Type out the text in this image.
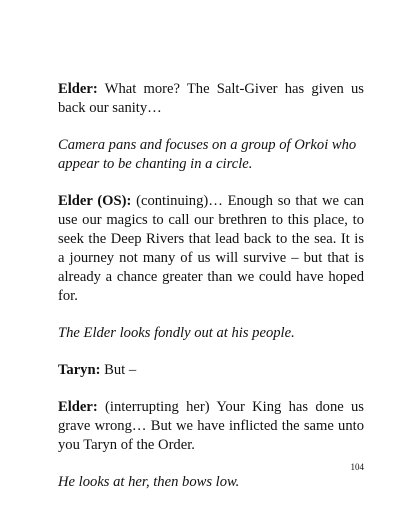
Elder: What more? The Salt-Giver has given us back our sanity…

Camera pans and focuses on a group of Orkoi who appear to be chanting in a circle.

Elder (OS): (continuing)… Enough so that we can use our magics to call our brethren to this place, to seek the Deep Rivers that lead back to the sea. It is a journey not many of us will survive – but that is already a chance greater than we could have hoped for.

The Elder looks fondly out at his people.

Taryn: But –

Elder: (interrupting her) Your King has done us grave wrong… But we have inflicted the same unto you Taryn of the Order.

He looks at her, then bows low.

104
